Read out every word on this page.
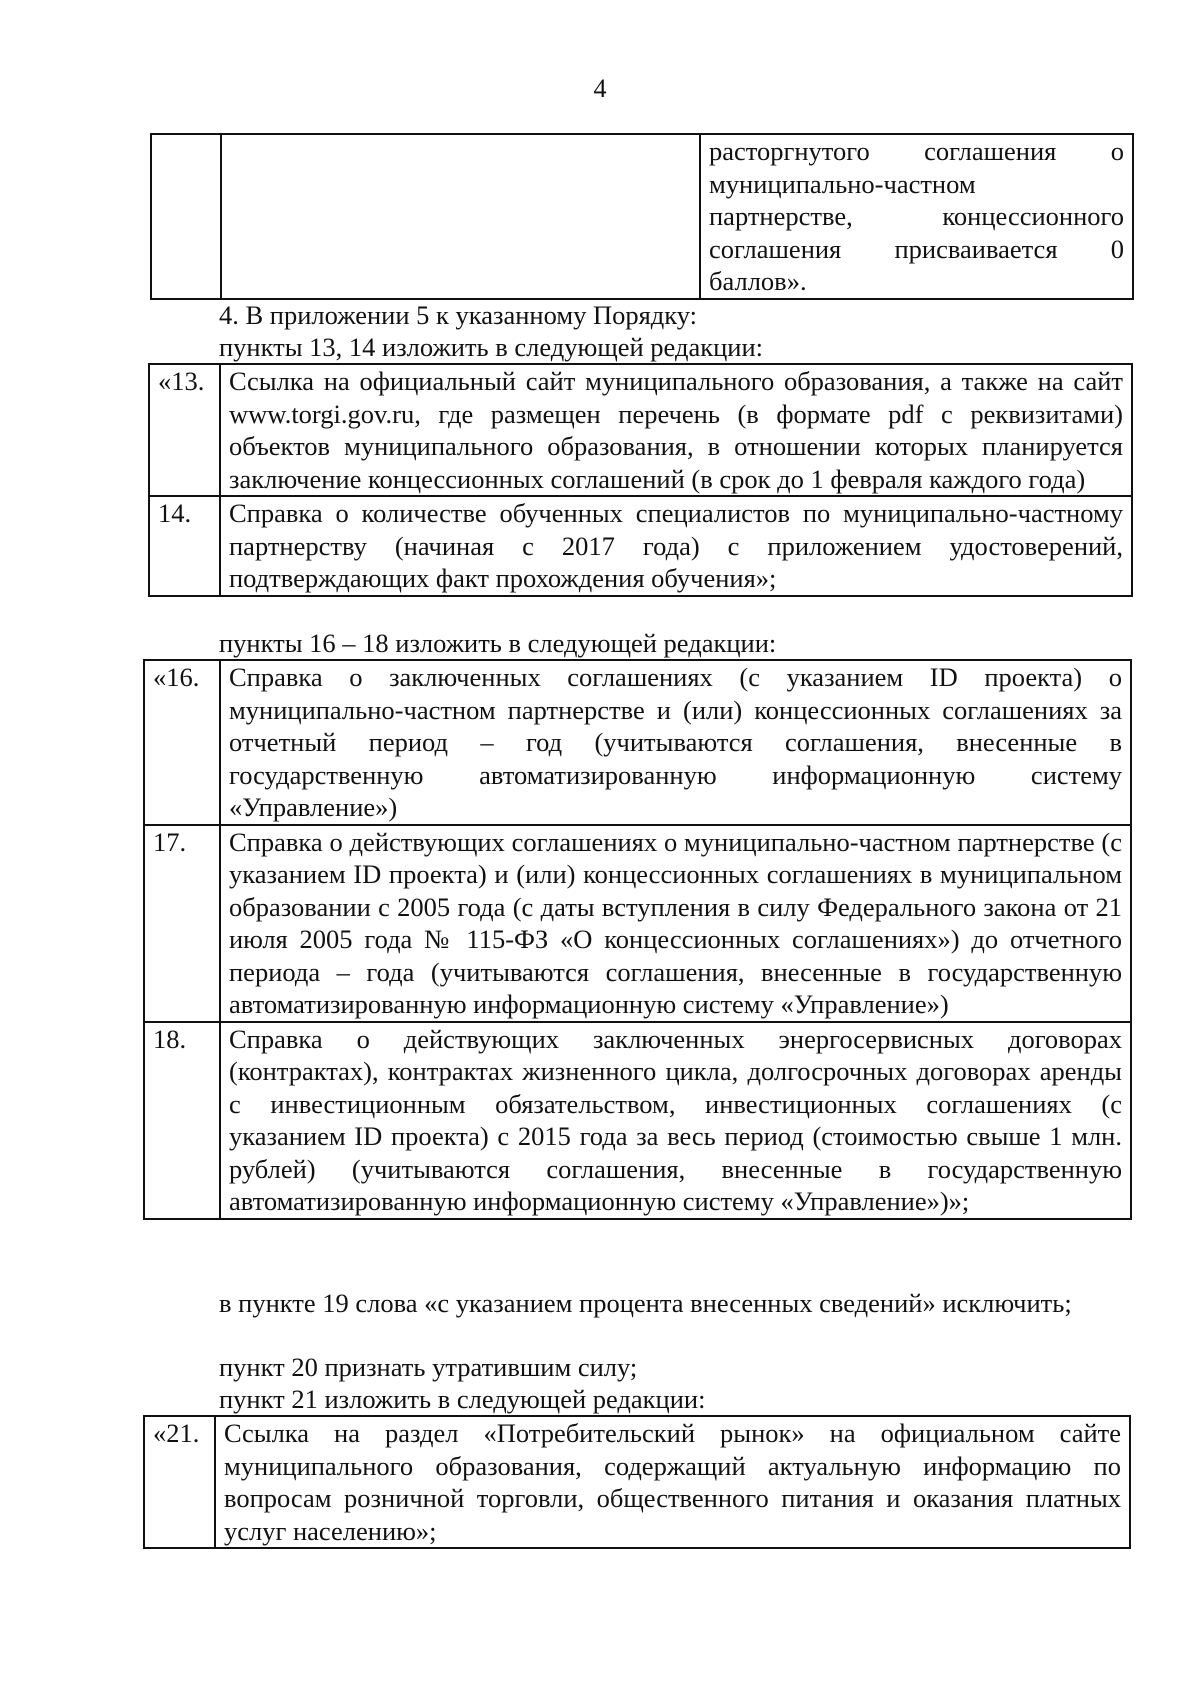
4
		расторгнутого соглашения о муниципально-частном партнерстве, концессионного соглашения присваивается 0 баллов».
4. В приложении 5 к указанному Порядку:
пункты 13, 14 изложить в следующей редакции:
«13.	Ссылка на официальный сайт муниципального образования, а также на сайт www.torgi.gov.ru, где размещен перечень (в формате pdf с реквизитами) объектов муниципального образования, в отношении которых планируется заключение концессионных соглашений (в срок до 1 февраля каждого года)
14.	Справка о количестве обученных специалистов по муниципально-частному партнерству (начиная с 2017 года) с приложением удостоверений, подтверждающих факт прохождения обучения»;
пункты 16 – 18 изложить в следующей редакции:
«16.	Справка о заключенных соглашениях (с указанием ID проекта) о муниципально-частном партнерстве и (или) концессионных соглашениях за отчетный период – год (учитываются соглашения, внесенные в государственную автоматизированную информационную систему «Управление»)
17.	Справка о действующих соглашениях о муниципально-частном партнерстве (с указанием ID проекта) и (или) концессионных соглашениях в муниципальном образовании с 2005 года (с даты вступления в силу Федерального закона от 21 июля 2005 года № 115-ФЗ «О концессионных соглашениях») до отчетного периода – года (учитываются соглашения, внесенные в государственную автоматизированную информационную систему «Управление»)
18.	Справка о действующих заключенных энергосервисных договорах (контрактах), контрактах жизненного цикла, долгосрочных договорах аренды с инвестиционным обязательством, инвестиционных соглашениях (с указанием ID проекта) с 2015 года за весь период (стоимостью свыше 1 млн. рублей) (учитываются соглашения, внесенные в государственную автоматизированную информационную систему «Управление»)»;
в пункте 19 слова «с указанием процента внесенных сведений» исключить;
пункт 20 признать утратившим силу;
пункт 21 изложить в следующей редакции:
«21.	Ссылка на раздел «Потребительский рынок» на официальном сайте муниципального образования, содержащий актуальную информацию по вопросам розничной торговли, общественного питания и оказания платных услуг населению»;
